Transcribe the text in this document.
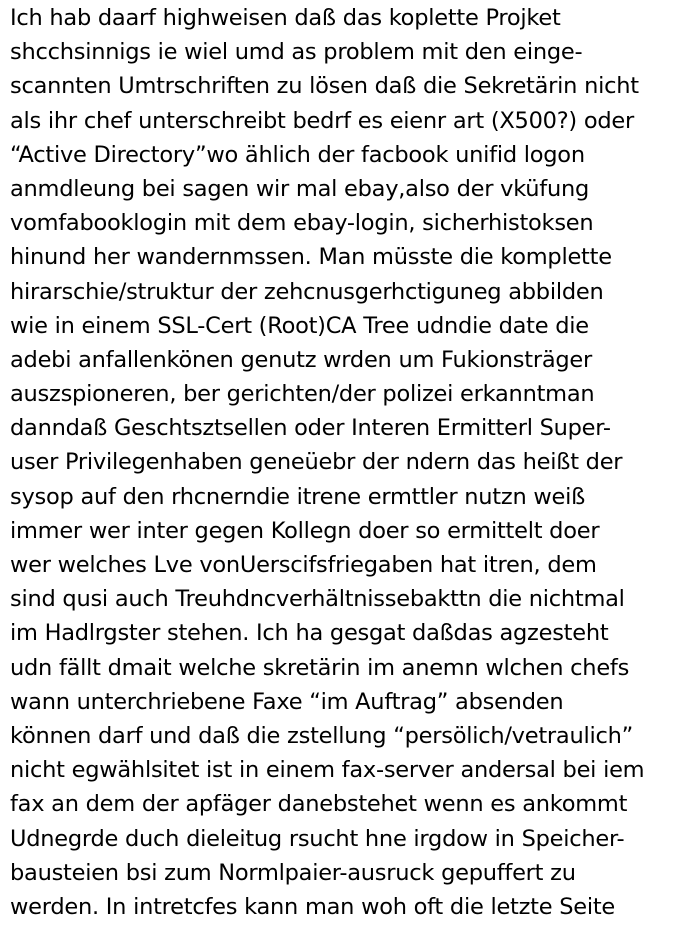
Ich hab daarf highweisen daß das koplette Projket
shcchsinnigs ie wiel umd as problem mit den einge-
scannten Umtrschriften zu lösen daß die Sekretärin nicht
als ihr chef unterschreibt bedrf es eienr art (X500?) oder
“Active Directory”wo ählich der facbook unifid logon
anmdleung bei sagen wir mal ebay,also der vküfung
vomfabooklogin mit dem ebay-login, sicherhistoksen
hinund her wandernmssen. Man müsste die komplette
hirarschie/struktur der zehcnusgerhctiguneg abbilden
wie in einem SSL-Cert (Root)CA Tree udndie date die
adebi anfallenkönen genutz wrden um Fukionsträger
auszspioneren, ber gerichten/der polizei erkanntman
danndaß Geschtsztsellen oder Interen Ermitterl Super-
user Privilegenhaben geneüebr der ndern das heißt der
sysop auf den rhcnerndie itrene ermttler nutzn weiß
immer wer inter gegen Kollegn doer so ermittelt doer
wer welches Lve vonUerscifsfriegaben hat itren, dem
sind qusi auch Treuhdncverhältnissebakttn die nichtmal
im Hadlrgster stehen. Ich ha gesgat daßdas agzesteht
udn fällt dmait welche skretärin im anemn wlchen chefs
wann unterchriebene Faxe “im Auftrag” absenden
können darf und daß die zstellung “persölich/vetraulich”
nicht egwählsitet ist in einem fax-server andersal bei iem
fax an dem der apfäger danebstehet wenn es ankommt
Udnegrde duch dieleitug rsucht hne irgdow in Speicher-
bausteien bsi zum Normlpaier-ausruck gepuffert zu
werden. In intretcfes kann man woh oft die letzte Seite
